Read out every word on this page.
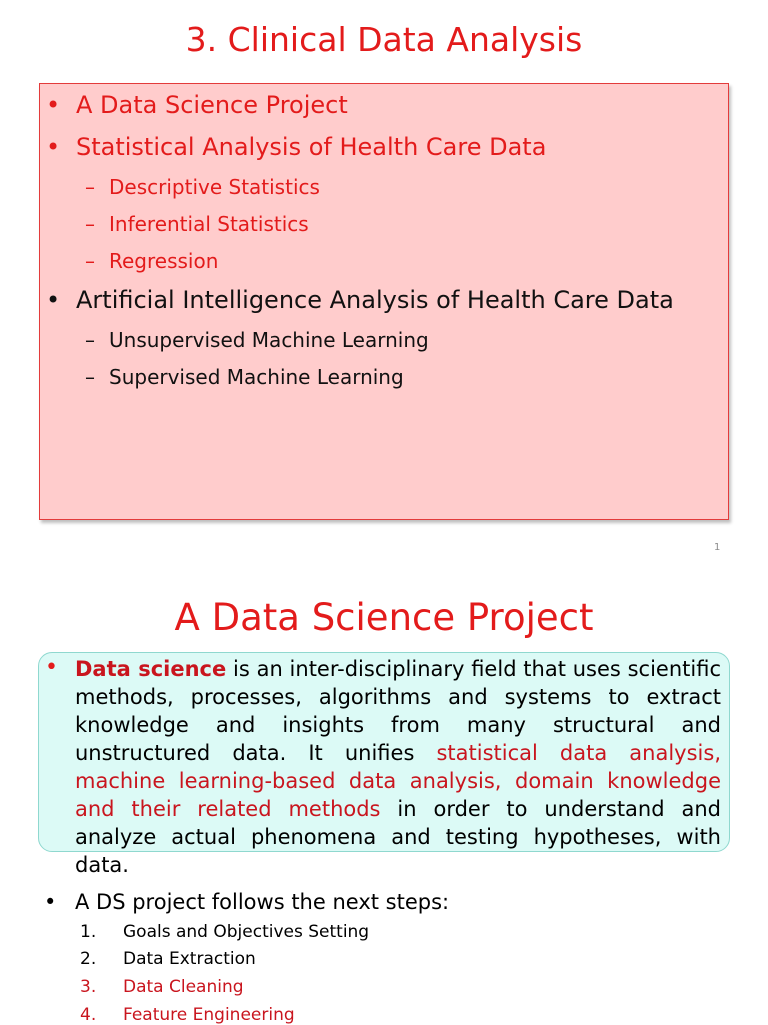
3. Clinical Data Analysis
• A Data Science Project
• Statistical Analysis of Health Care Data
– Descriptive Statistics
– Inferential Statistics
– Regression
• Artificial Intelligence Analysis of Health Care Data
– Unsupervised Machine Learning
– Supervised Machine Learning
1
A Data Science Project
• Data science is an inter-disciplinary field that uses scientific methods, processes, algorithms and systems to extract knowledge and insights from many structural and unstructured data. It unifies statistical data analysis, machine learning-based data analysis, domain knowledge and their related methods in order to understand and analyze actual phenomena and testing hypotheses, with data.

• A DS project follows the next steps:
1.	Goals and Objectives Setting
2.	Data Extraction
3.	Data Cleaning
4.	Feature Engineering
